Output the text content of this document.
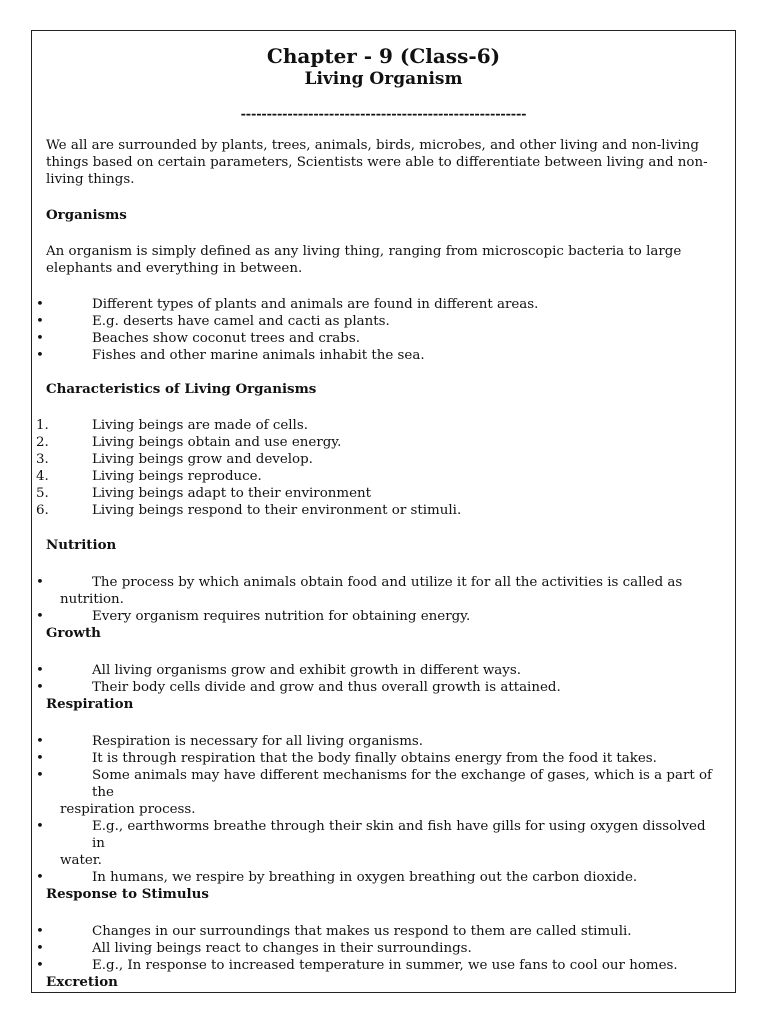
Chapter - 9 (Class-6)
Living Organism
-------------------------------------------------------

We all are surrounded by plants, trees, animals, birds, microbes, and other living and non-living things based on certain parameters, Scientists were able to differentiate between living and non-living things.

Organisms

An organism is simply defined as any living thing, ranging from microscopic bacteria to large elephants and everything in between.

•	Different types of plants and animals are found in different areas.
•	E.g. deserts have camel and cacti as plants.
•	Beaches show coconut trees and crabs.
•	Fishes and other marine animals inhabit the sea.
Characteristics of Living Organisms
1.	Living beings are made of cells.
2.	Living beings obtain and use energy.
3.	Living beings grow and develop.
4.	Living beings reproduce.
5.	Living beings adapt to their environment
6.	Living beings respond to their environment or stimuli.
Nutrition
•	The process by which animals obtain food and utilize it for all the activities is called as
nutrition.
•	Every organism requires nutrition for obtaining energy.
Growth
•	All living organisms grow and exhibit growth in different ways.
•	Their body cells divide and grow and thus overall growth is attained.
Respiration
•	Respiration is necessary for all living organisms.
•	It is through respiration that the body finally obtains energy from the food it takes.
•	Some animals may have different mechanisms for the exchange of gases, which is a part of the
respiration process.
•	E.g., earthworms breathe through their skin and fish have gills for using oxygen dissolved in
water.
•	In humans, we respire by breathing in oxygen breathing out the carbon dioxide.
Response to Stimulus
•	Changes in our surroundings that makes us respond to them are called stimuli.
•	All living beings react to changes in their surroundings.
•	E.g., In response to increased temperature in summer, we use fans to cool our homes.
Excretion
